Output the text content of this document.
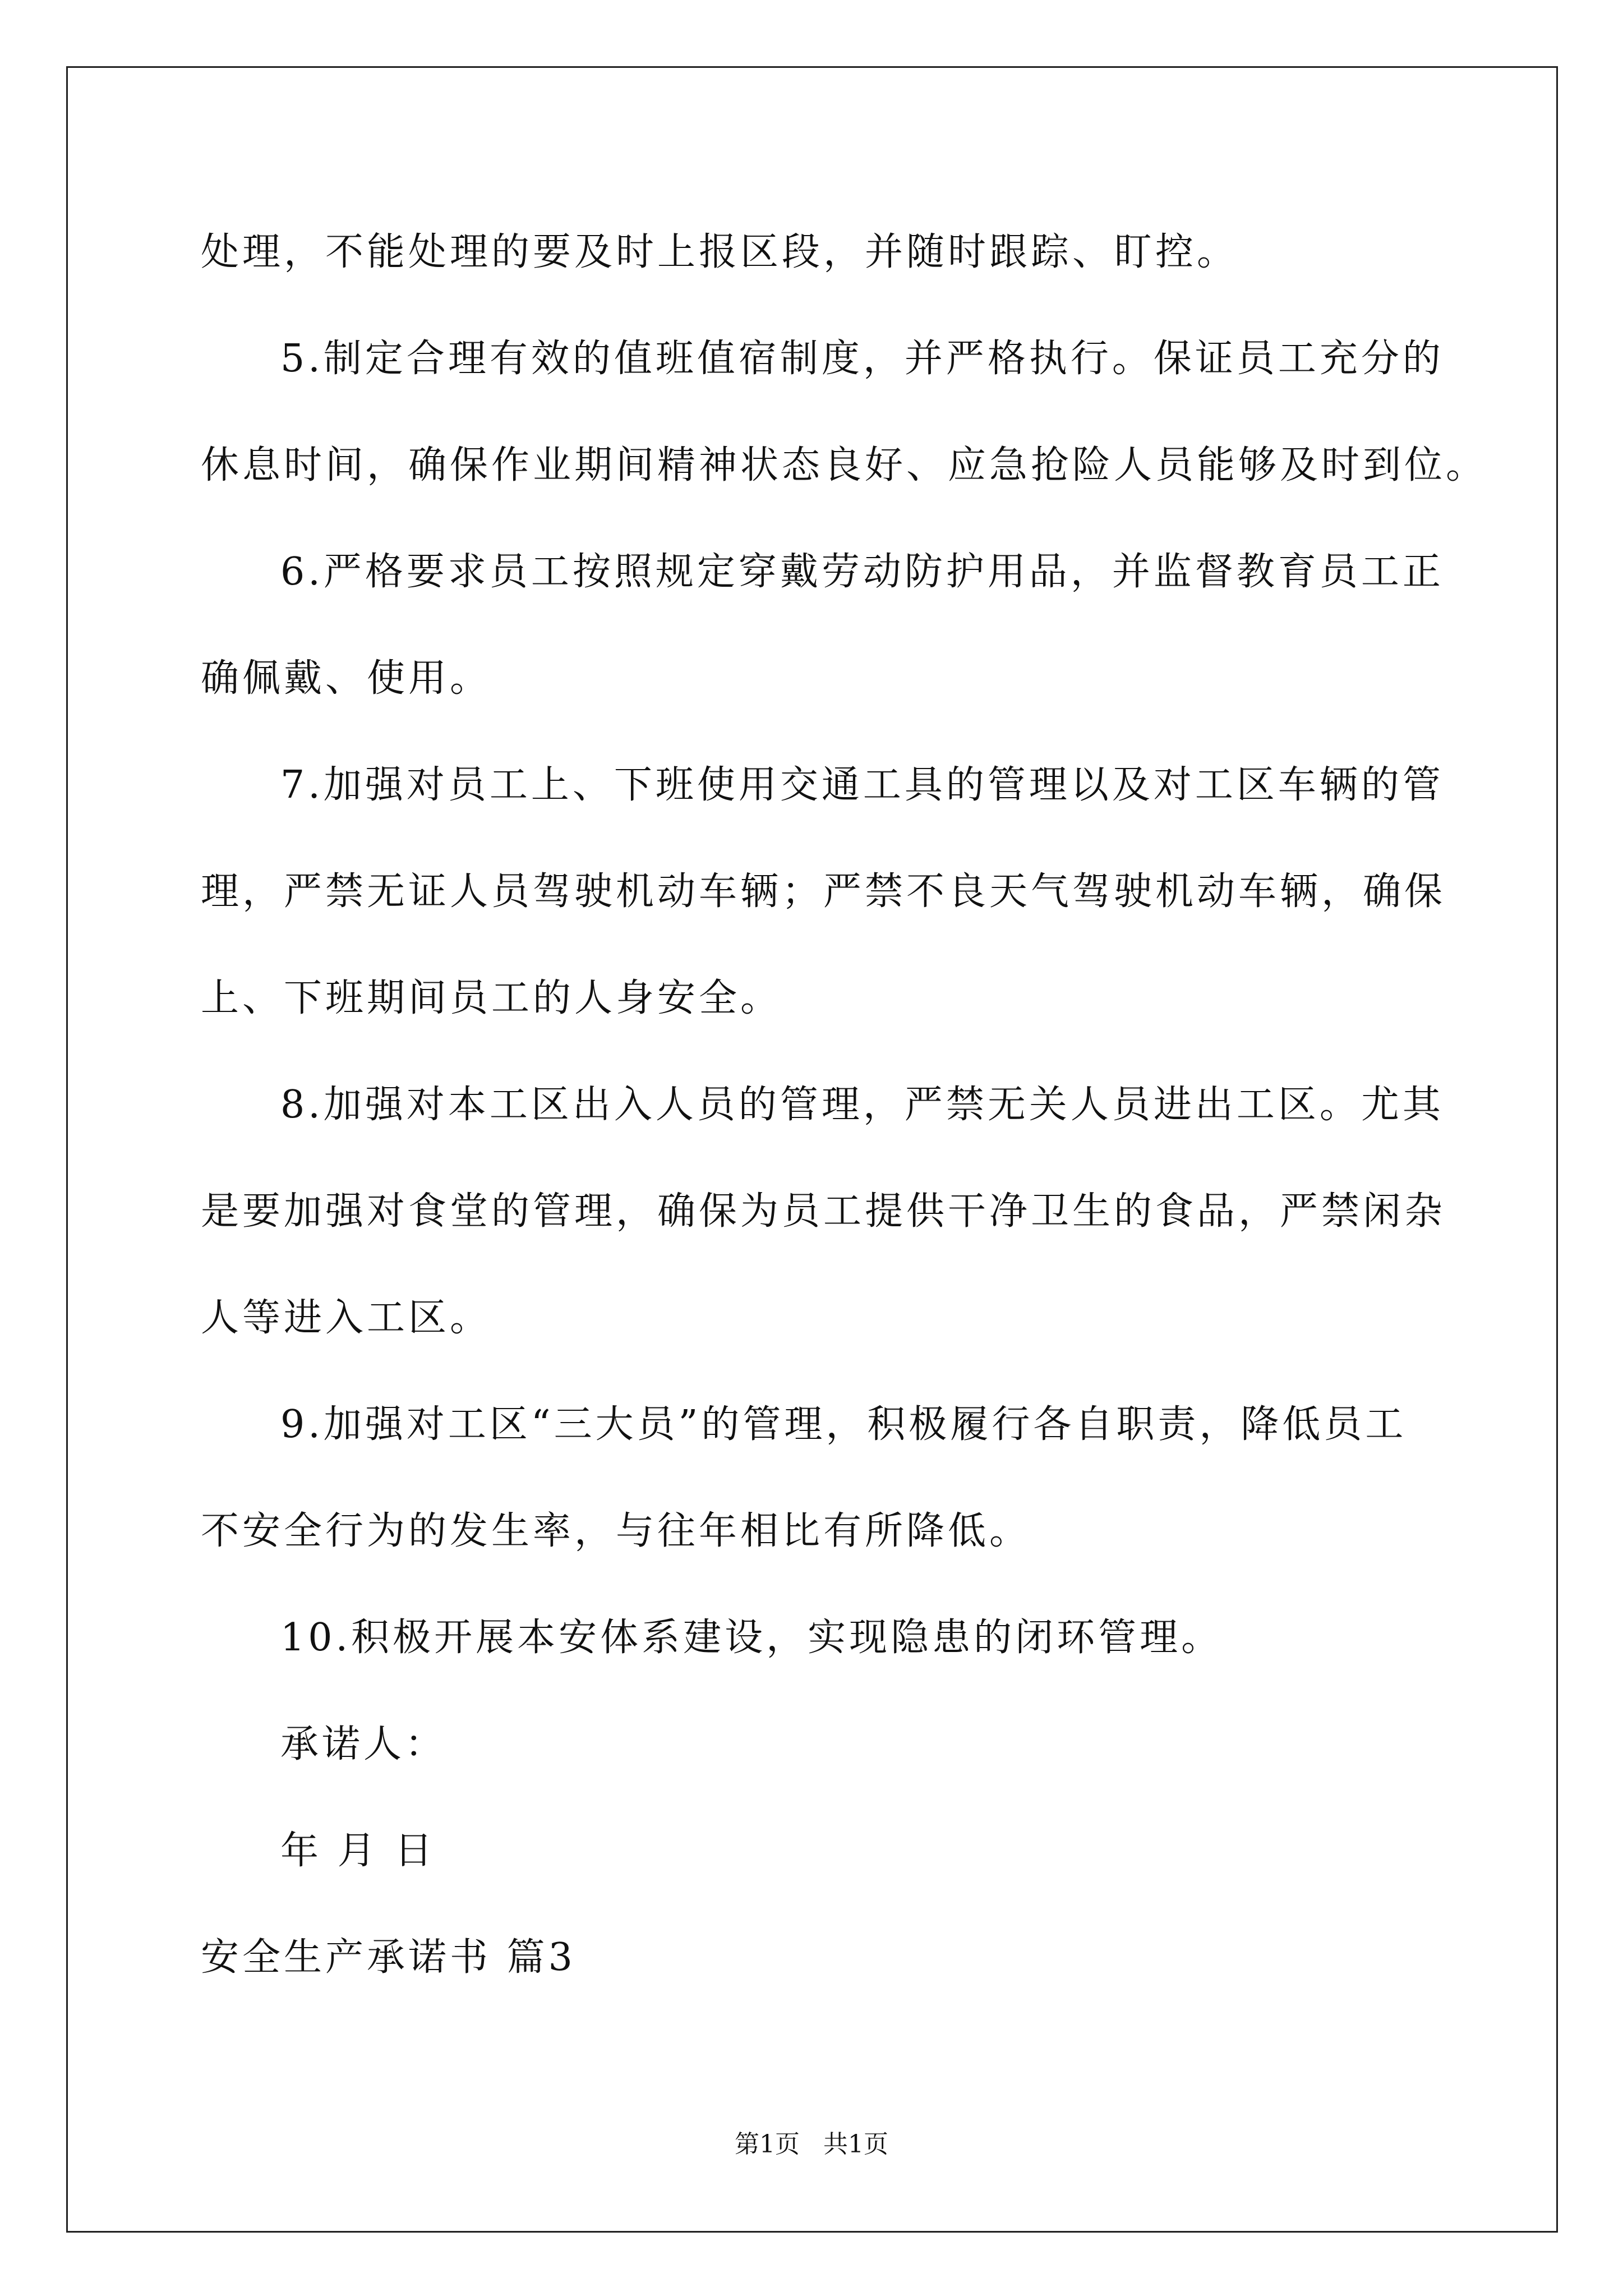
处理，不能处理的要及时上报区段，并随时跟踪、盯控。
5.制定合理有效的值班值宿制度，并严格执行。保证员工充分的
休息时间，确保作业期间精神状态良好、应急抢险人员能够及时到位。
6.严格要求员工按照规定穿戴劳动防护用品，并监督教育员工正
确佩戴、使用。
7.加强对员工上、下班使用交通工具的管理以及对工区车辆的管
理，严禁无证人员驾驶机动车辆；严禁不良天气驾驶机动车辆，确保
上、下班期间员工的人身安全。
8.加强对本工区出入人员的管理，严禁无关人员进出工区。尤其
是要加强对食堂的管理，确保为员工提供干净卫生的食品，严禁闲杂
人等进入工区。
9.加强对工区“三大员”的管理，积极履行各自职责，降低员工
不安全行为的发生率，与往年相比有所降低。
10.积极开展本安体系建设，实现隐患的闭环管理。
承诺人：
年 月 日
安全生产承诺书 篇3
第1页   共1页
